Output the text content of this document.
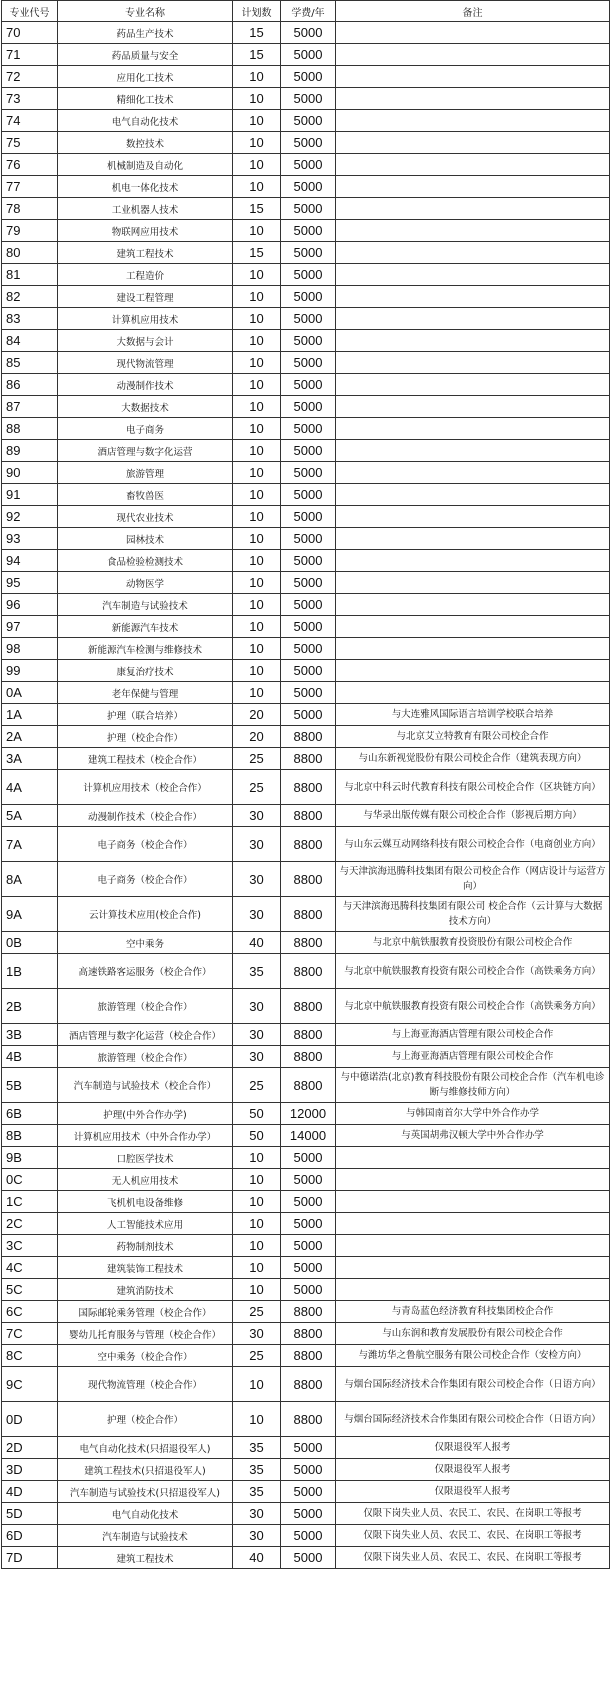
专业代号	专业名称	计划数	学费/年	备注
70	药品生产技术	15	5000	
71	药品质量与安全	15	5000	
72	应用化工技术	10	5000	
73	精细化工技术	10	5000	
74	电气自动化技术	10	5000	
75	数控技术	10	5000	
76	机械制造及自动化	10	5000	
77	机电一体化技术	10	5000	
78	工业机器人技术	15	5000	
79	物联网应用技术	10	5000	
80	建筑工程技术	15	5000	
81	工程造价	10	5000	
82	建设工程管理	10	5000	
83	计算机应用技术	10	5000	
84	大数据与会计	10	5000	
85	现代物流管理	10	5000	
86	动漫制作技术	10	5000	
87	大数据技术	10	5000	
88	电子商务	10	5000	
89	酒店管理与数字化运营	10	5000	
90	旅游管理	10	5000	
91	畜牧兽医	10	5000	
92	现代农业技术	10	5000	
93	园林技术	10	5000	
94	食品检验检测技术	10	5000	
95	动物医学	10	5000	
96	汽车制造与试验技术	10	5000	
97	新能源汽车技术	10	5000	
98	新能源汽车检测与维修技术	10	5000	
99	康复治疗技术	10	5000	
0A	老年保健与管理	10	5000	
1A	护理（联合培养）	20	5000	与大连雅风国际语言培训学校联合培养
2A	护理（校企合作）	20	8800	与北京艾立特教育有限公司校企合作
3A	建筑工程技术（校企合作）	25	8800	与山东新视觉股份有限公司校企合作（建筑表现方向）
4A	计算机应用技术（校企合作）	25	8800	与北京中科云时代教育科技有限公司校企合作（区块链方向）
5A	动漫制作技术（校企合作）	30	8800	与华录出版传媒有限公司校企合作（影视后期方向）
7A	电子商务（校企合作）	30	8800	与山东云媒互动网络科技有限公司校企合作（电商创业方向）
8A	电子商务（校企合作）	30	8800	与天津滨海迅腾科技集团有限公司校企合作（网店设计与运营方向）
9A	云计算技术应用(校企合作)	30	8800	与天津滨海迅腾科技集团有限公司 校企合作（云计算与大数据技术方向）
0B	空中乘务	40	8800	与北京中航铁服教育投资股份有限公司校企合作
1B	高速铁路客运服务（校企合作）	35	8800	与北京中航铁服教育投资有限公司校企合作（高铁乘务方向）
2B	旅游管理（校企合作）	30	8800	与北京中航铁服教育投资有限公司校企合作（高铁乘务方向）
3B	酒店管理与数字化运营（校企合作）	30	8800	与上海亚海酒店管理有限公司校企合作
4B	旅游管理（校企合作）	30	8800	与上海亚海酒店管理有限公司校企合作
5B	汽车制造与试验技术（校企合作）	25	8800	与中德诺浩(北京)教育科技股份有限公司校企合作（汽车机电诊断与维修技师方向）
6B	护理(中外合作办学)	50	12000	与韩国南首尔大学中外合作办学
8B	计算机应用技术（中外合作办学）	50	14000	与英国胡弗汉顿大学中外合作办学
9B	口腔医学技术	10	5000	
0C	无人机应用技术	10	5000	
1C	飞机机电设备维修	10	5000	
2C	人工智能技术应用	10	5000	
3C	药物制剂技术	10	5000	
4C	建筑装饰工程技术	10	5000	
5C	建筑消防技术	10	5000	
6C	国际邮轮乘务管理（校企合作）	25	8800	与青岛蓝色经济教育科技集团校企合作
7C	婴幼儿托育服务与管理（校企合作）	30	8800	与山东润和教育发展股份有限公司校企合作
8C	空中乘务（校企合作）	25	8800	与潍坊华之鲁航空服务有限公司校企合作（安检方向）
9C	现代物流管理（校企合作）	10	8800	与烟台国际经济技术合作集团有限公司校企合作（日语方向）
0D	护理（校企合作）	10	8800	与烟台国际经济技术合作集团有限公司校企合作（日语方向）
2D	电气自动化技术(只招退役军人)	35	5000	仅限退役军人报考
3D	建筑工程技术(只招退役军人)	35	5000	仅限退役军人报考
4D	汽车制造与试验技术(只招退役军人)	35	5000	仅限退役军人报考
5D	电气自动化技术	30	5000	仅限下岗失业人员、农民工、农民、在岗职工等报考
6D	汽车制造与试验技术	30	5000	仅限下岗失业人员、农民工、农民、在岗职工等报考
7D	建筑工程技术	40	5000	仅限下岗失业人员、农民工、农民、在岗职工等报考
